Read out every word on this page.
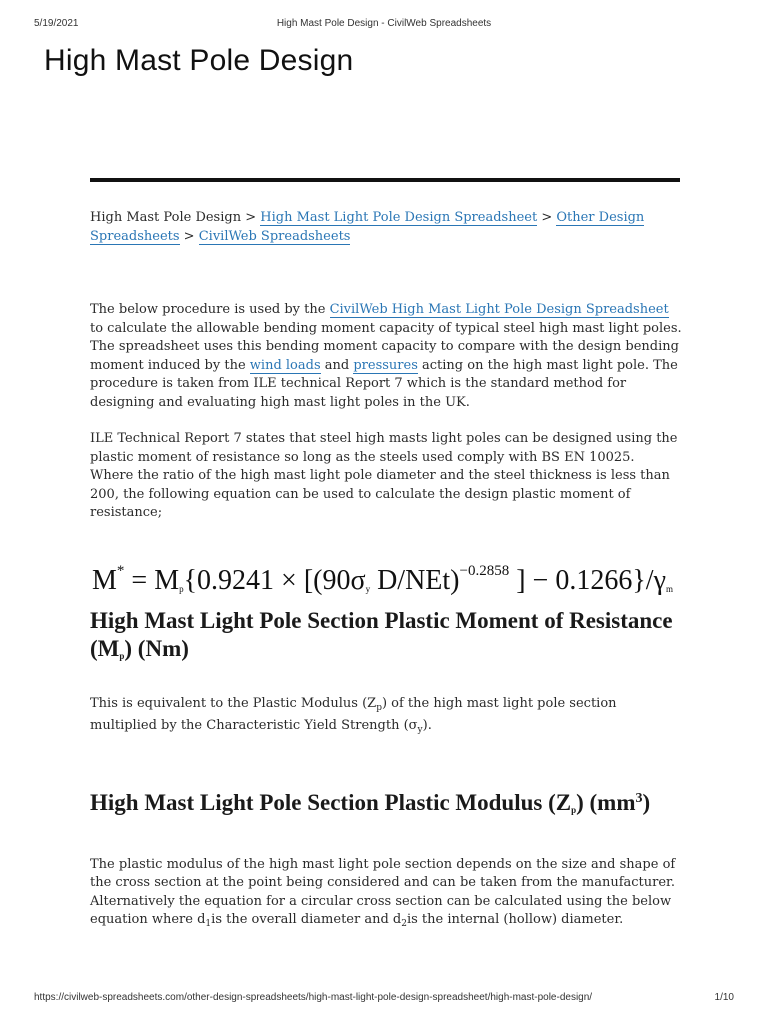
5/19/2021	High Mast Pole Design - CivilWeb Spreadsheets
High Mast Pole Design

High Mast Pole Design > High Mast Light Pole Design Spreadsheet > Other Design Spreadsheets > CivilWeb Spreadsheets

The below procedure is used by the CivilWeb High Mast Light Pole Design Spreadsheet to calculate the allowable bending moment capacity of typical steel high mast light poles. The spreadsheet uses this bending moment capacity to compare with the design bending moment induced by the wind loads and pressures acting on the high mast light pole. The procedure is taken from ILE technical Report 7 which is the standard method for designing and evaluating high mast light poles in the UK.

ILE Technical Report 7 states that steel high masts light poles can be designed using the plastic moment of resistance so long as the steels used comply with BS EN 10025. Where the ratio of the high mast light pole diameter and the steel thickness is less than 200, the following equation can be used to calculate the design plastic moment of resistance;

$M^* = M_p\{0.9241 \times [(90\sigma_y$ D/NEt)$^{-0.2858}$ ] − $0.1266\}/\gamma_m$
High Mast Light Pole Section Plastic Moment of Resistance $(M_p)$ (Nm)

This is equivalent to the Plastic Modulus $(Z_p)$ of the high mast light pole section multiplied by the Characteristic Yield Strength $(\sigma_y)$.

High Mast Light Pole Section Plastic Modulus $(Z_p)$ $(mm^3)$

The plastic modulus of the high mast light pole section depends on the size and shape of the cross section at the point being considered and can be taken from the manufacturer. Alternatively the equation for a circular cross section can be calculated using the below equation where $d_1is$ the overall diameter and $d_2is$ the internal (hollow) diameter.

https://civilweb-spreadsheets.com/other-design-spreadsheets/high-mast-light-pole-design-spreadsheet/high-mast-pole-design/	1/10
